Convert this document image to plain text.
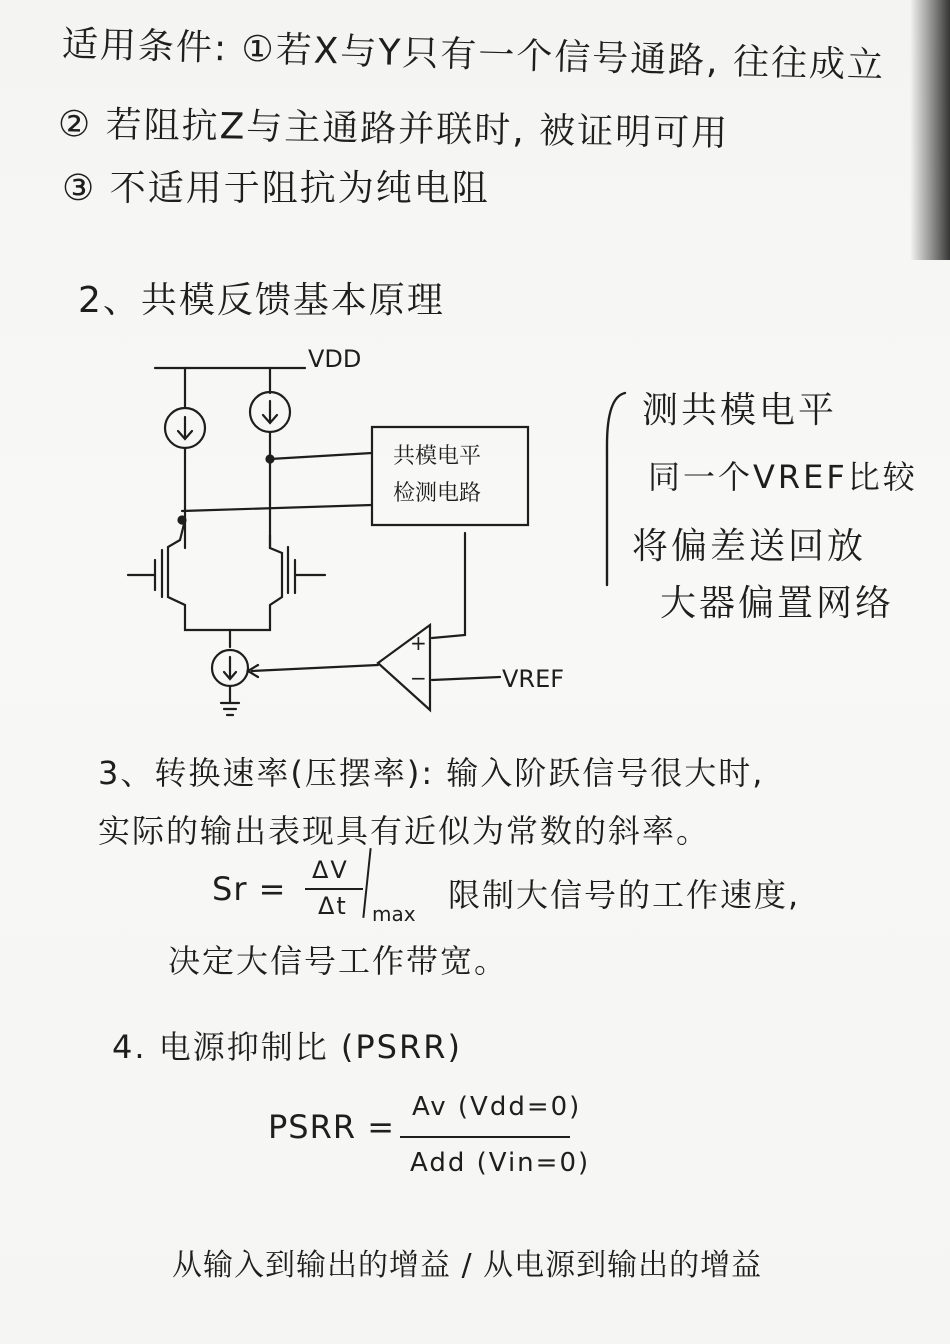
适用条件: ①若X与Y只有一个信号通路, 往往成立
② 若阻抗Z与主通路并联时, 被证明可用
③ 不适用于阻抗为纯电阻
2、共模反馈基本原理
VDD
共模电平
检测电路
+
−	VREF
测共模电平
同一个VREF比较
将偏差送回放
大器偏置网络
3、转换速率(压摆率): 输入阶跃信号很大时,
实际的输出表现具有近似为常数的斜率。
Sr = ΔV
Δt max 限制大信号的工作速度,
决定大信号工作带宽。
4. 电源抑制比 (PSRR)
PSRR =
Av (Vdd=0)
Add (Vin=0)
从输入到输出的增益 / 从电源到输出的增益
